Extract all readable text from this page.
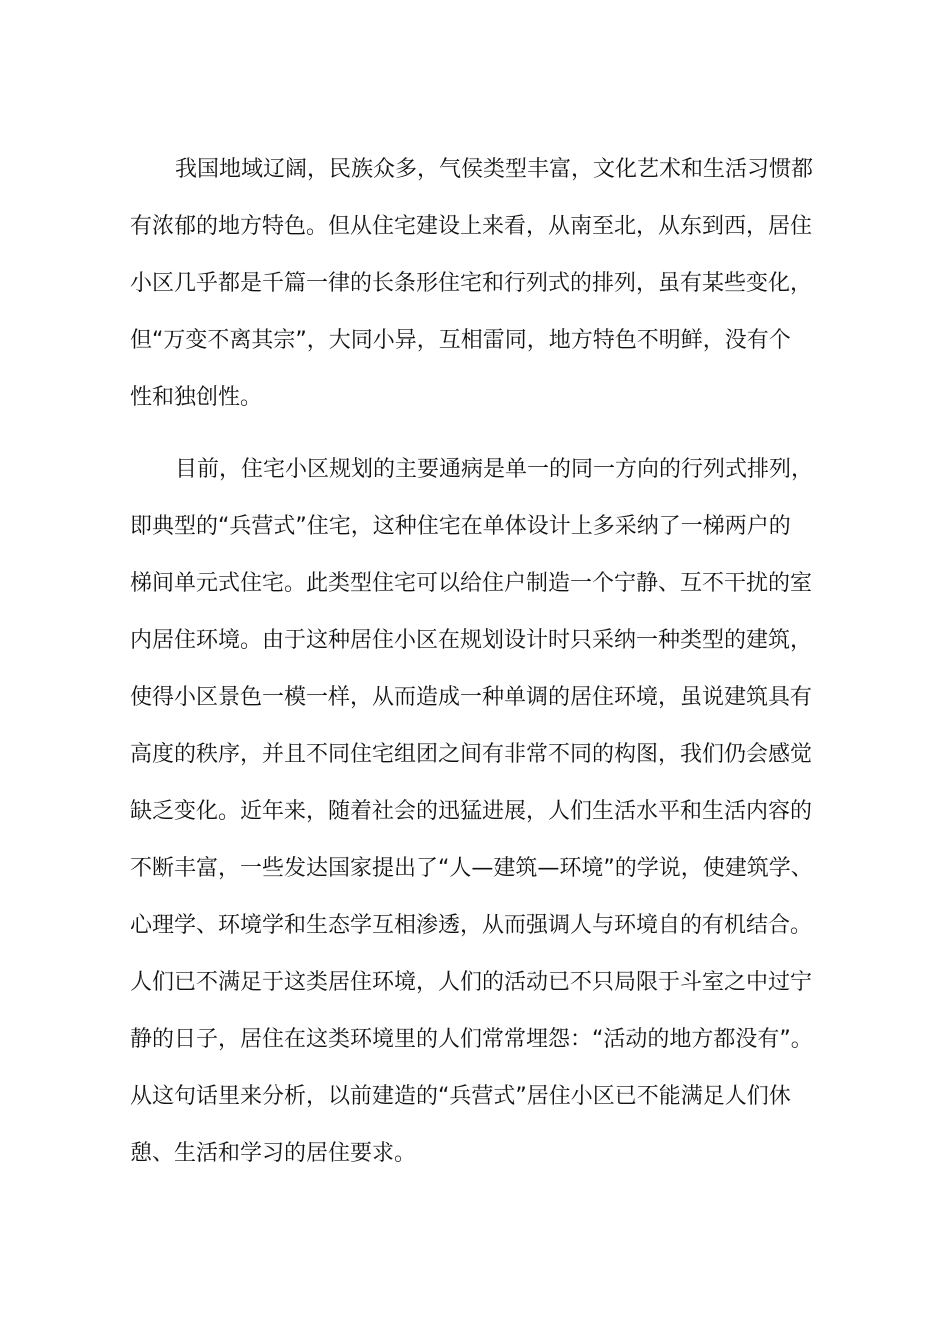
我国地域辽阔，民族众多，气侯类型丰富，文化艺术和生活习惯都
有浓郁的地方特色。但从住宅建设上来看，从南至北，从东到西，居住
小区几乎都是千篇一律的长条形住宅和行列式的排列，虽有某些变化，
但“万变不离其宗”，大同小异，互相雷同，地方特色不明鲜，没有个
性和独创性。
目前，住宅小区规划的主要通病是单一的同一方向的行列式排列，
即典型的“兵营式”住宅，这种住宅在单体设计上多采纳了一梯两户的
梯间单元式住宅。此类型住宅可以给住户制造一个宁静、互不干扰的室
内居住环境。由于这种居住小区在规划设计时只采纳一种类型的建筑，
使得小区景色一模一样，从而造成一种单调的居住环境，虽说建筑具有
高度的秩序，并且不同住宅组团之间有非常不同的构图，我们仍会感觉
缺乏变化。近年来，随着社会的迅猛进展，人们生活水平和生活内容的
不断丰富，一些发达国家提出了“人—建筑—环境”的学说，使建筑学、
心理学、环境学和生态学互相渗透，从而强调人与环境自的有机结合。
人们已不满足于这类居住环境，人们的活动已不只局限于斗室之中过宁
静的日子，居住在这类环境里的人们常常埋怨：“活动的地方都没有”。
从这句话里来分析，以前建造的“兵营式”居住小区已不能满足人们休
憩、生活和学习的居住要求。
